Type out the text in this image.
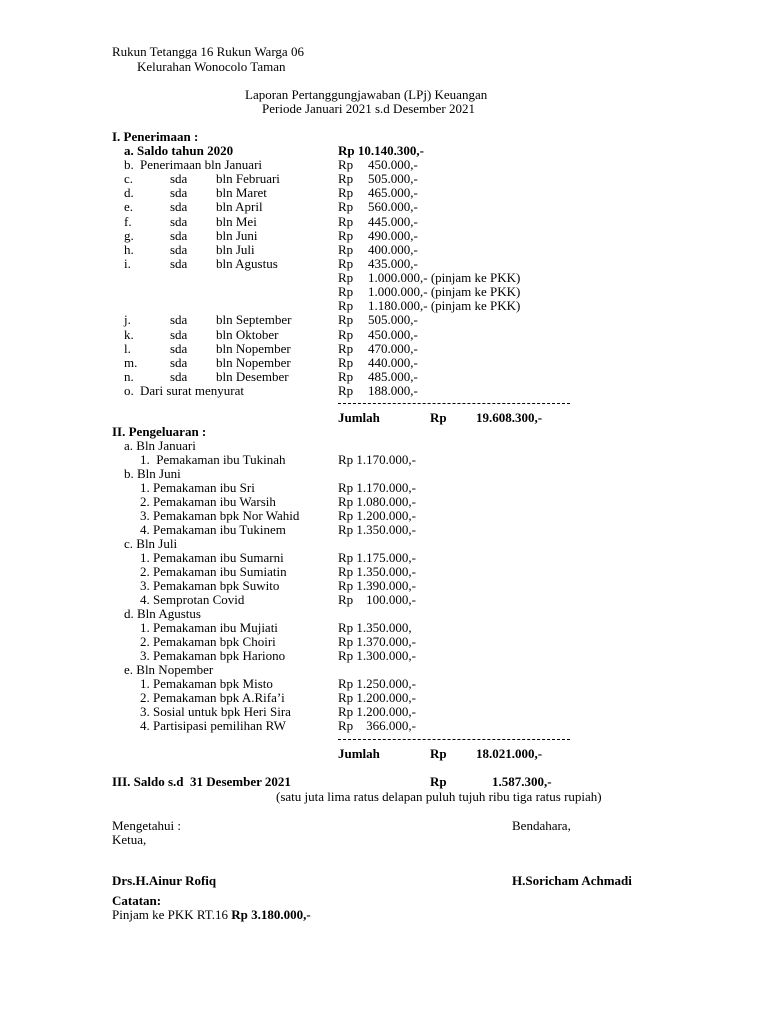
Rukun Tetangga 16 Rukun Warga 06
Kelurahan Wonocolo Taman
Laporan Pertanggungjawaban (LPj) Keuangan
Periode Januari 2021 s.d Desember 2021
I. Penerimaan :
a. Saldo tahun 2020	Rp 10.140.300,-
b. Penerimaan bln Januari	Rp 450.000,-
c.	sda bln Februari	Rp 505.000,-
d.	sda bln Maret	Rp 465.000,-
e.	sda bln April	Rp 560.000,-
f.	sda bln Mei	Rp 445.000,-
g.	sda bln Juni	Rp 490.000,-
h.	sda bln Juli	Rp 400.000,-
i.	sda bln Agustus	Rp 435.000,-
Rp 1.000.000,- (pinjam ke PKK)
Rp 1.000.000,- (pinjam ke PKK)
Rp 1.180.000,- (pinjam ke PKK)
j.	sda bln September	Rp 505.000,-
k.	sda bln Oktober	Rp 450.000,-
l.	sda bln Nopember	Rp 470.000,-
m.	sda bln Nopember	Rp 440.000,-
n.	sda bln Desember	Rp 485.000,-
o. Dari surat menyurat	Rp 188.000,-
Jumlah	Rp 19.608.300,-
II. Pengeluaran :
a. Bln Januari
1.  Pemakaman ibu Tukinah	Rp 1.170.000,-
b. Bln Juni
1. Pemakaman ibu Sri	Rp 1.170.000,-
2. Pemakaman ibu Warsih	Rp 1.080.000,-
3. Pemakaman bpk Nor Wahid	Rp 1.200.000,-
4. Pemakaman ibu Tukinem	Rp 1.350.000,-
c. Bln Juli
1. Pemakaman ibu Sumarni	Rp 1.175.000,-
2. Pemakaman ibu Sumiatin	Rp 1.350.000,-
3. Pemakaman bpk Suwito	Rp 1.390.000,-
4. Semprotan Covid	Rp    100.000,-
d. Bln Agustus
1. Pemakaman ibu Mujiati	Rp 1.350.000,
2. Pemakaman bpk Choiri	Rp 1.370.000,-
3. Pemakaman bpk Hariono	Rp 1.300.000,-
e. Bln Nopember
1. Pemakaman bpk Misto	Rp 1.250.000,-
2. Pemakaman bpk A.Rifa’i	Rp 1.200.000,-
3. Sosial untuk bpk Heri Sira	Rp 1.200.000,-
4. Partisipasi pemilihan RW	Rp    366.000,-
Jumlah	Rp 18.021.000,-
III. Saldo s.d  31 Desember 2021	Rp	1.587.300,-
(satu juta lima ratus delapan puluh tujuh ribu tiga ratus rupiah)
Mengetahui :	Bendahara,
Ketua,
Drs.H.Ainur Rofiq	H.Soricham Achmadi
Catatan:
Pinjam ke PKK RT.16 Rp 3.180.000,-
